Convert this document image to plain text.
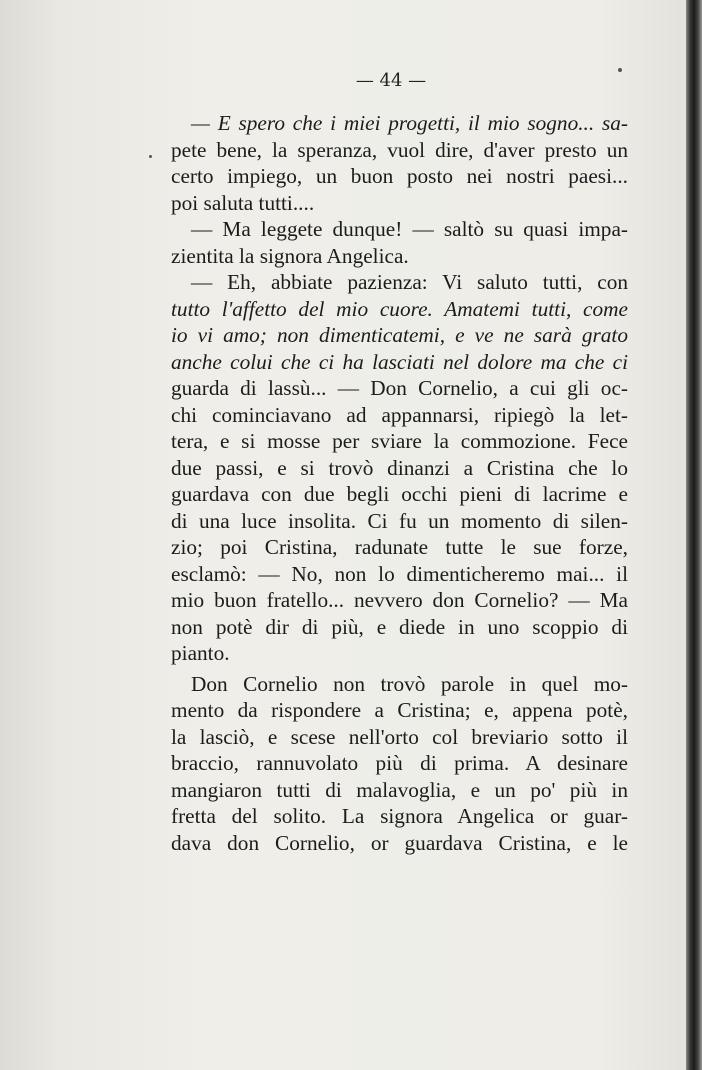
— 44 —
— E spero che i miei progetti, il mio sogno... sa-
pete bene, la speranza, vuol dire, d'aver presto un
certo impiego, un buon posto nei nostri paesi...
poi saluta tutti....
— Ma leggete dunque! — saltò su quasi impa-
zientita la signora Angelica.
— Eh, abbiate pazienza: Vi saluto tutti, con
tutto l'affetto del mio cuore. Amatemi tutti, come
io vi amo; non dimenticatemi, e ve ne sarà grato
anche colui che ci ha lasciati nel dolore ma che ci
guarda di lassù... — Don Cornelio, a cui gli oc-
chi cominciavano ad appannarsi, ripiegò la let-
tera, e si mosse per sviare la commozione. Fece
due passi, e si trovò dinanzi a Cristina che lo
guardava con due begli occhi pieni di lacrime e
di una luce insolita. Ci fu un momento di silen-
zio; poi Cristina, radunate tutte le sue forze,
esclamò: — No, non lo dimenticheremo mai... il
mio buon fratello... nevvero don Cornelio? — Ma
non potè dir di più, e diede in uno scoppio di
pianto.
Don Cornelio non trovò parole in quel mo-
mento da rispondere a Cristina; e, appena potè,
la lasciò, e scese nell'orto col breviario sotto il
braccio, rannuvolato più di prima. A desinare
mangiaron tutti di malavoglia, e un po' più in
fretta del solito. La signora Angelica or guar-
dava don Cornelio, or guardava Cristina, e le
